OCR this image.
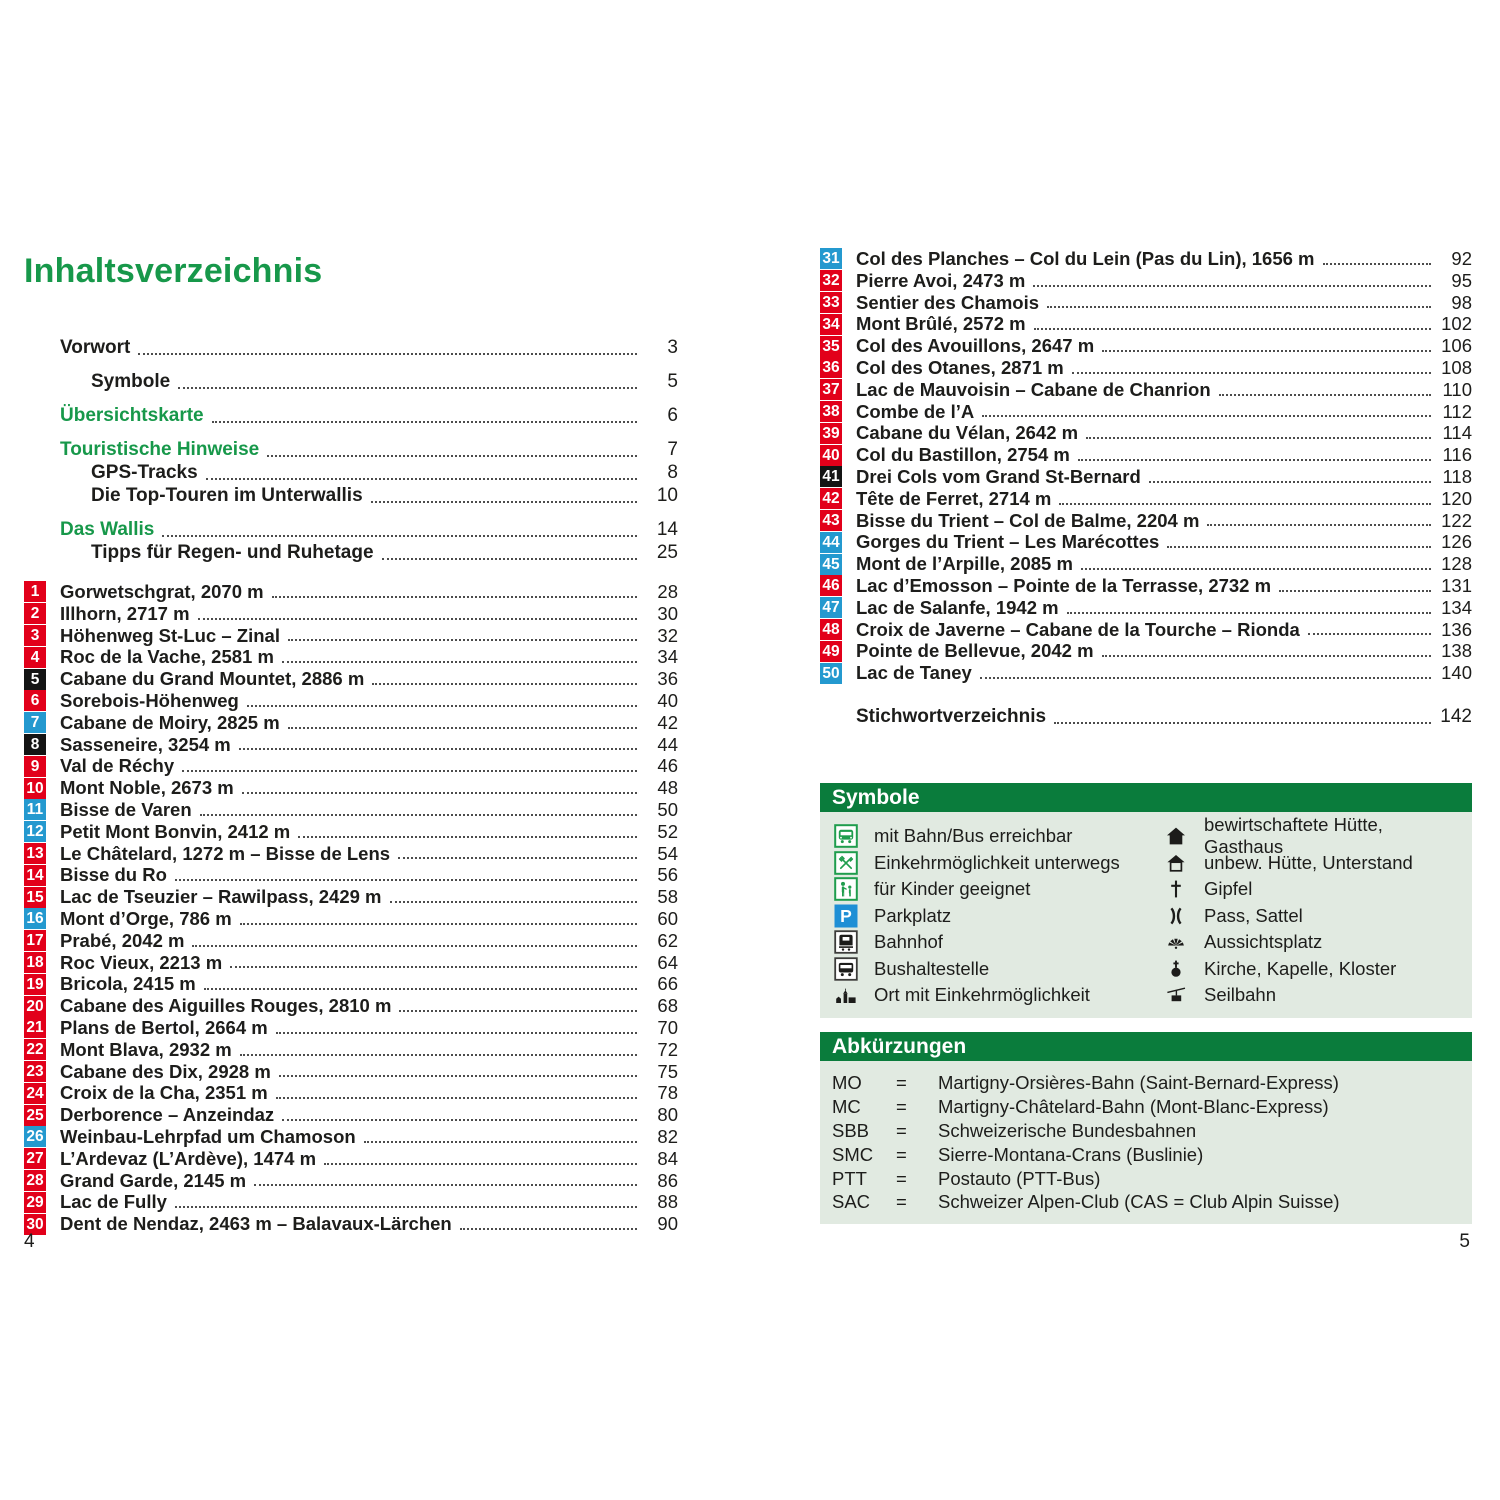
Inhaltsverzeichnis
Vorwort	3
Symbole	5
Übersichtskarte	6
Touristische Hinweise	7
GPS-Tracks	8
Die Top-Touren im Unterwallis	10
Das Wallis	14
Tipps für Regen- und Ruhetage	25
1	Gorwetschgrat, 2070 m	28
2	Illhorn, 2717 m	30
3	Höhenweg St-Luc – Zinal	32
4	Roc de la Vache, 2581 m	34
5	Cabane du Grand Mountet, 2886 m	36
6	Sorebois-Höhenweg	40
7	Cabane de Moiry, 2825 m	42
8	Sasseneire, 3254 m	44
9	Val de Réchy	46
10 Mont Noble, 2673 m	48
11 Bisse de Varen	50
12 Petit Mont Bonvin, 2412 m	52
13 Le Châtelard, 1272 m – Bisse de Lens	54
14 Bisse du Ro	56
15 Lac de Tseuzier – Rawilpass, 2429 m	58
16 Mont d’Orge, 786 m	60
17 Prabé, 2042 m	62
18 Roc Vieux, 2213 m	64
19 Bricola, 2415 m	66
20 Cabane des Aiguilles Rouges, 2810 m	68
21 Plans de Bertol, 2664 m	70
22 Mont Blava, 2932 m	72
23 Cabane des Dix, 2928 m	75
24 Croix de la Cha, 2351 m	78
25 Derborence – Anzeindaz	80
26 Weinbau-Lehrpfad um Chamoson	82
27 L’Ardevaz (L’Ardève), 1474 m	84
28 Grand Garde, 2145 m	86
29 Lac de Fully	88
30 Dent de Nendaz, 2463 m – Balavaux-Lärchen	90
31 Col des Planches – Col du Lein (Pas du Lin), 1656 m	92
32 Pierre Avoi, 2473 m	95
33 Sentier des Chamois	98
34 Mont Brûlé, 2572 m	102
35 Col des Avouillons, 2647 m	106
36 Col des Otanes, 2871 m	108
37 Lac de Mauvoisin – Cabane de Chanrion	110
38 Combe de l’A	112
39 Cabane du Vélan, 2642 m	114
40 Col du Bastillon, 2754 m	116
41 Drei Cols vom Grand St-Bernard	118
42 Tête de Ferret, 2714 m	120
43 Bisse du Trient – Col de Balme, 2204 m	122
44 Gorges du Trient – Les Marécottes	126
45 Mont de l’Arpille, 2085 m	128
46 Lac d’Emosson – Pointe de la Terrasse, 2732 m	131
47 Lac de Salanfe, 1942 m	134
48 Croix de Javerne – Cabane de la Tourche – Rionda	136
49 Pointe de Bellevue, 2042 m	138
50 Lac de Taney	140
Stichwortverzeichnis	142
Symbole
mit Bahn/Bus erreichbar
Einkehrmöglichkeit unterwegs
für Kinder geeignet
Parkplatz
Bahnhof
Bushaltestelle
Ort mit Einkehrmöglichkeit
bewirtschaftete Hütte, Gasthaus
unbew. Hütte, Unterstand
Gipfel
Pass, Sattel
Aussichtsplatz
Kirche, Kapelle, Kloster
Seilbahn
Abkürzungen
MO	=	Martigny-Orsières-Bahn (Saint-Bernard-Express)
MC	=	Martigny-Châtelard-Bahn (Mont-Blanc-Express)
SBB	=	Schweizerische Bundesbahnen
SMC	=	Sierre-Montana-Crans (Buslinie)
PTT	=	Postauto (PTT-Bus)
SAC	=	Schweizer Alpen-Club (CAS = Club Alpin Suisse)
4	5
